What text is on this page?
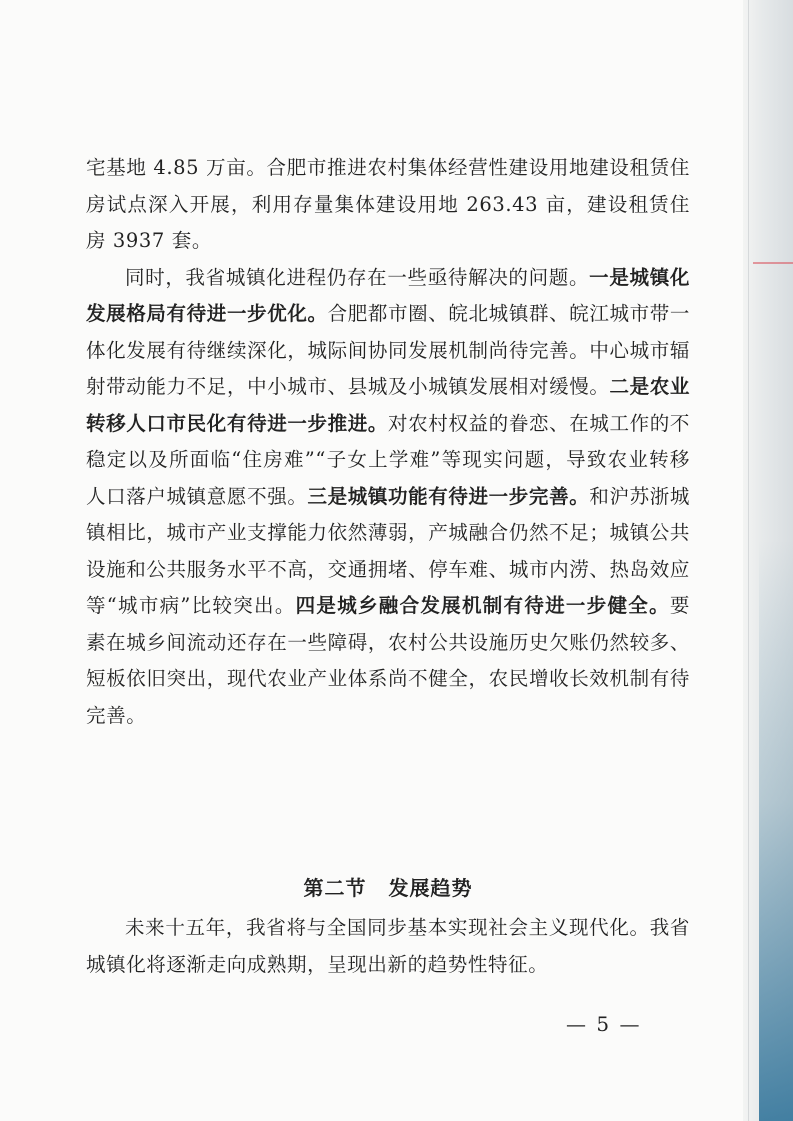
宅基地 4.85 万亩。合肥市推进农村集体经营性建设用地建设租赁住房试点深入开展，利用存量集体建设用地 263.43 亩，建设租赁住房 3937 套。

同时，我省城镇化进程仍存在一些亟待解决的问题。一是城镇化发展格局有待进一步优化。合肥都市圈、皖北城镇群、皖江城市带一体化发展有待继续深化，城际间协同发展机制尚待完善。中心城市辐射带动能力不足，中小城市、县城及小城镇发展相对缓慢。二是农业转移人口市民化有待进一步推进。对农村权益的眷恋、在城工作的不稳定以及所面临“住房难”“子女上学难”等现实问题，导致农业转移人口落户城镇意愿不强。三是城镇功能有待进一步完善。和沪苏浙城镇相比，城市产业支撑能力依然薄弱，产城融合仍然不足；城镇公共设施和公共服务水平不高，交通拥堵、停车难、城市内涝、热岛效应等“城市病”比较突出。四是城乡融合发展机制有待进一步健全。要素在城乡间流动还存在一些障碍，农村公共设施历史欠账仍然较多、短板依旧突出，现代农业产业体系尚不健全，农民增收长效机制有待完善。

第二节 发展趋势

未来十五年，我省将与全国同步基本实现社会主义现代化。我省城镇化将逐渐走向成熟期，呈现出新的趋势性特征。

— 5 —
